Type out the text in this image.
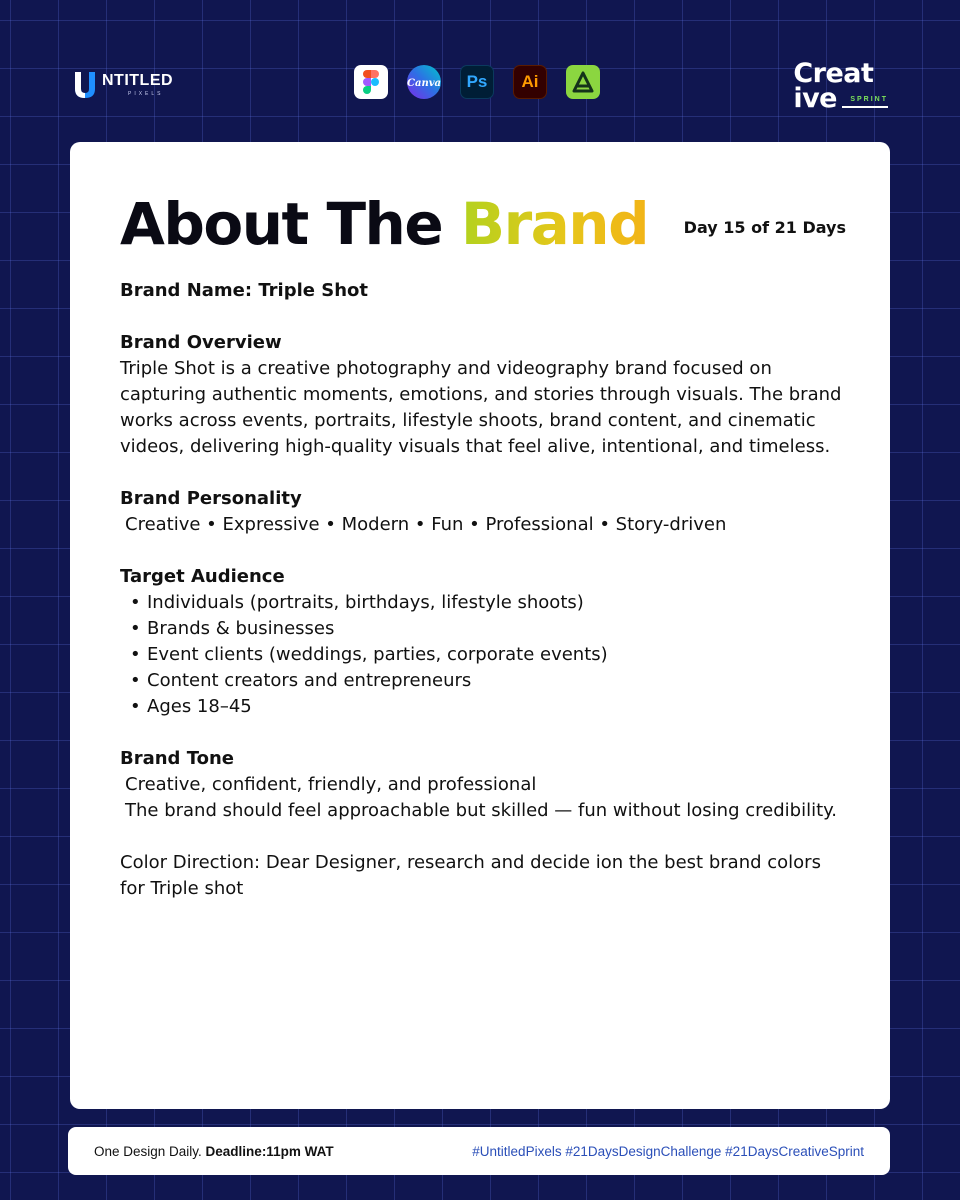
NTITLED
PIXELS
Canva	Ps	Ai	Creat
ive SPRINT
About The Brand Day 15 of 21 Days
Brand Name: Triple Shot
Brand Overview

Triple Shot is a creative photography and videography brand focused on capturing authentic moments, emotions, and stories through visuals. The brand works across events, portraits, lifestyle shoots, brand content, and cinematic videos, delivering high-quality visuals that feel alive, intentional, and timeless.

Brand Personality

Creative • Expressive • Modern • Fun • Professional • Story-driven

Target Audience
• Individuals (portraits, birthdays, lifestyle shoots)
• Brands & businesses
• Event clients (weddings, parties, corporate events)
• Content creators and entrepreneurs
• Ages 18–45
Brand Tone

Creative, confident, friendly, and professional

The brand should feel approachable but skilled — fun without losing credibility.

Color Direction: Dear Designer, research and decide ion the best brand colors for Triple shot

One Design Daily. Deadline:11pm WAT	#UntitledPixels #21DaysDesignChallenge #21DaysCreativeSprint
